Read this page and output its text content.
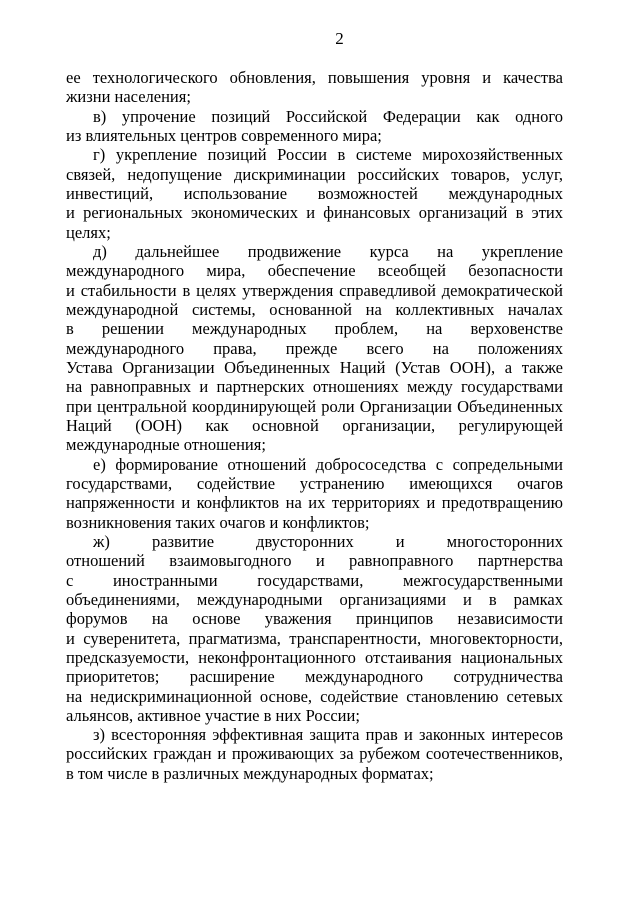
2
ее технологического обновления, повышения уровня и качества
жизни населения;
в) упрочение позиций Российской Федерации как одного
из влиятельных центров современного мира;
г) укрепление позиций России в системе мирохозяйственных
связей, недопущение дискриминации российских товаров, услуг,
инвестиций, использование возможностей международных
и региональных экономических и финансовых организаций в этих
целях;
д) дальнейшее продвижение курса на укрепление
международного мира, обеспечение всеобщей безопасности
и стабильности в целях утверждения справедливой демократической
международной системы, основанной на коллективных началах
в решении международных проблем, на верховенстве
международного права, прежде всего на положениях
Устава Организации Объединенных Наций (Устав ООН), а также
на равноправных и партнерских отношениях между государствами
при центральной координирующей роли Организации Объединенных
Наций (ООН) как основной организации, регулирующей
международные отношения;
е) формирование отношений добрососедства с сопредельными
государствами, содействие устранению имеющихся очагов
напряженности и конфликтов на их территориях и предотвращению
возникновения таких очагов и конфликтов;
ж) развитие двусторонних и многосторонних
отношений взаимовыгодного и равноправного партнерства
с иностранными государствами, межгосударственными
объединениями, международными организациями и в рамках
форумов на основе уважения принципов независимости
и суверенитета, прагматизма, транспарентности, многовекторности,
предсказуемости, неконфронтационного отстаивания национальных
приоритетов; расширение международного сотрудничества
на недискриминационной основе, содействие становлению сетевых
альянсов, активное участие в них России;
з) всесторонняя эффективная защита прав и законных интересов
российских граждан и проживающих за рубежом соотечественников,
в том числе в различных международных форматах;
